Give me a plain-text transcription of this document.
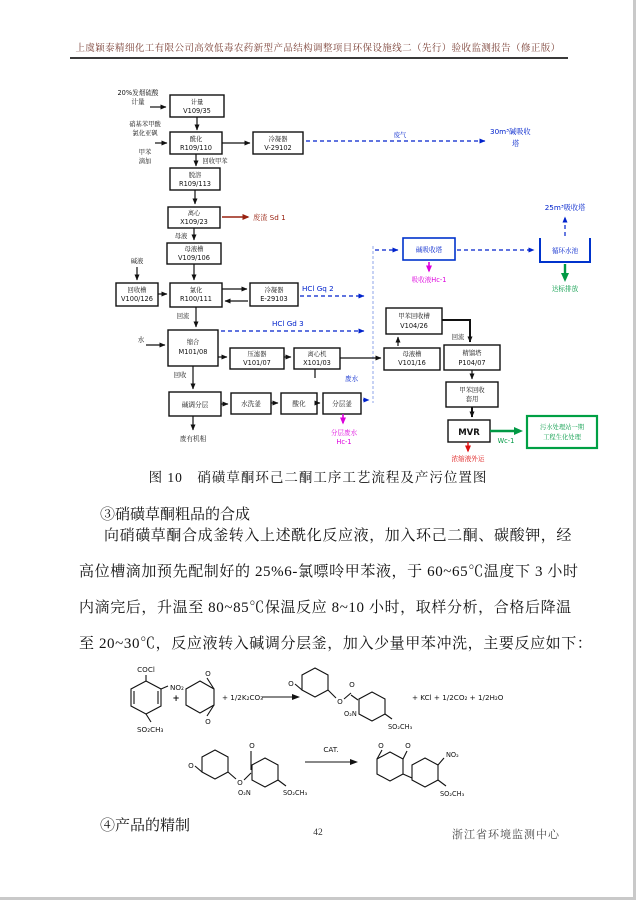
上虞颖泰精细化工有限公司高效低毒农药新型产品结构调整项目环保设施线二（先行）验收监测报告（修正版）
20%发烟硫酸
计量	计量
V109/35
硝基苯甲酸
氯化亚砜
甲苯
滴加
酰化
R109/110
冷凝器
V-29102
废气	30m³碱吸收
塔
回收甲苯
脱溶
R109/113
离心
X109/23	废渣 Sd 1
母液
母液槽
V109/106
碱液
回收槽
V100/126
氯化
R100/111
冷凝器
E-29103
HCl Gq 2
回流
碱吸收塔
吸收液Hc-1
循环水池
25m³吸收塔
达标排放
水	缩合
M101/08
HCl Gd 3
压滤器
V101/07
离心机
X101/03
废水
母液槽
V101/16
甲苯回收槽
V104/26
回流
精馏塔
P104/07
甲苯回收
套用
MVR
Wc-1
污水处理站一期
工程生化处理
浓缩液外运
回收
碱调分层	水洗釜	酸化	分层釜
分层废水
Hc-1
废有机相
图 10　硝磺草酮环己二酮工序工艺流程及产污位置图
③硝磺草酮粗品的合成
向硝磺草酮合成釜转入上述酰化反应液，加入环己二酮、碳酸钾，经
高位槽滴加预先配制好的 25%6-氯嘌呤甲苯液，于 60~65℃温度下 3 小时
内滴完后，升温至 80~85℃保温反应 8~10 小时，取样分析，合格后降温
至 20~30℃，反应液转入碱调分层釜，加入少量甲苯冲洗，主要反应如下：
COCl
NO₂
SO₂CH₃
+
O
O
+ 1/2K₂CO₃
O
O
O
O₂N
SO₂CH₃
+ KCl + 1/2CO₂ + 1/2H₂O
O
O
O
O₂N	SO₂CH₃
CAT.	O	O
NO₂
SO₂CH₃
④产品的精制	42	浙江省环境监测中心
